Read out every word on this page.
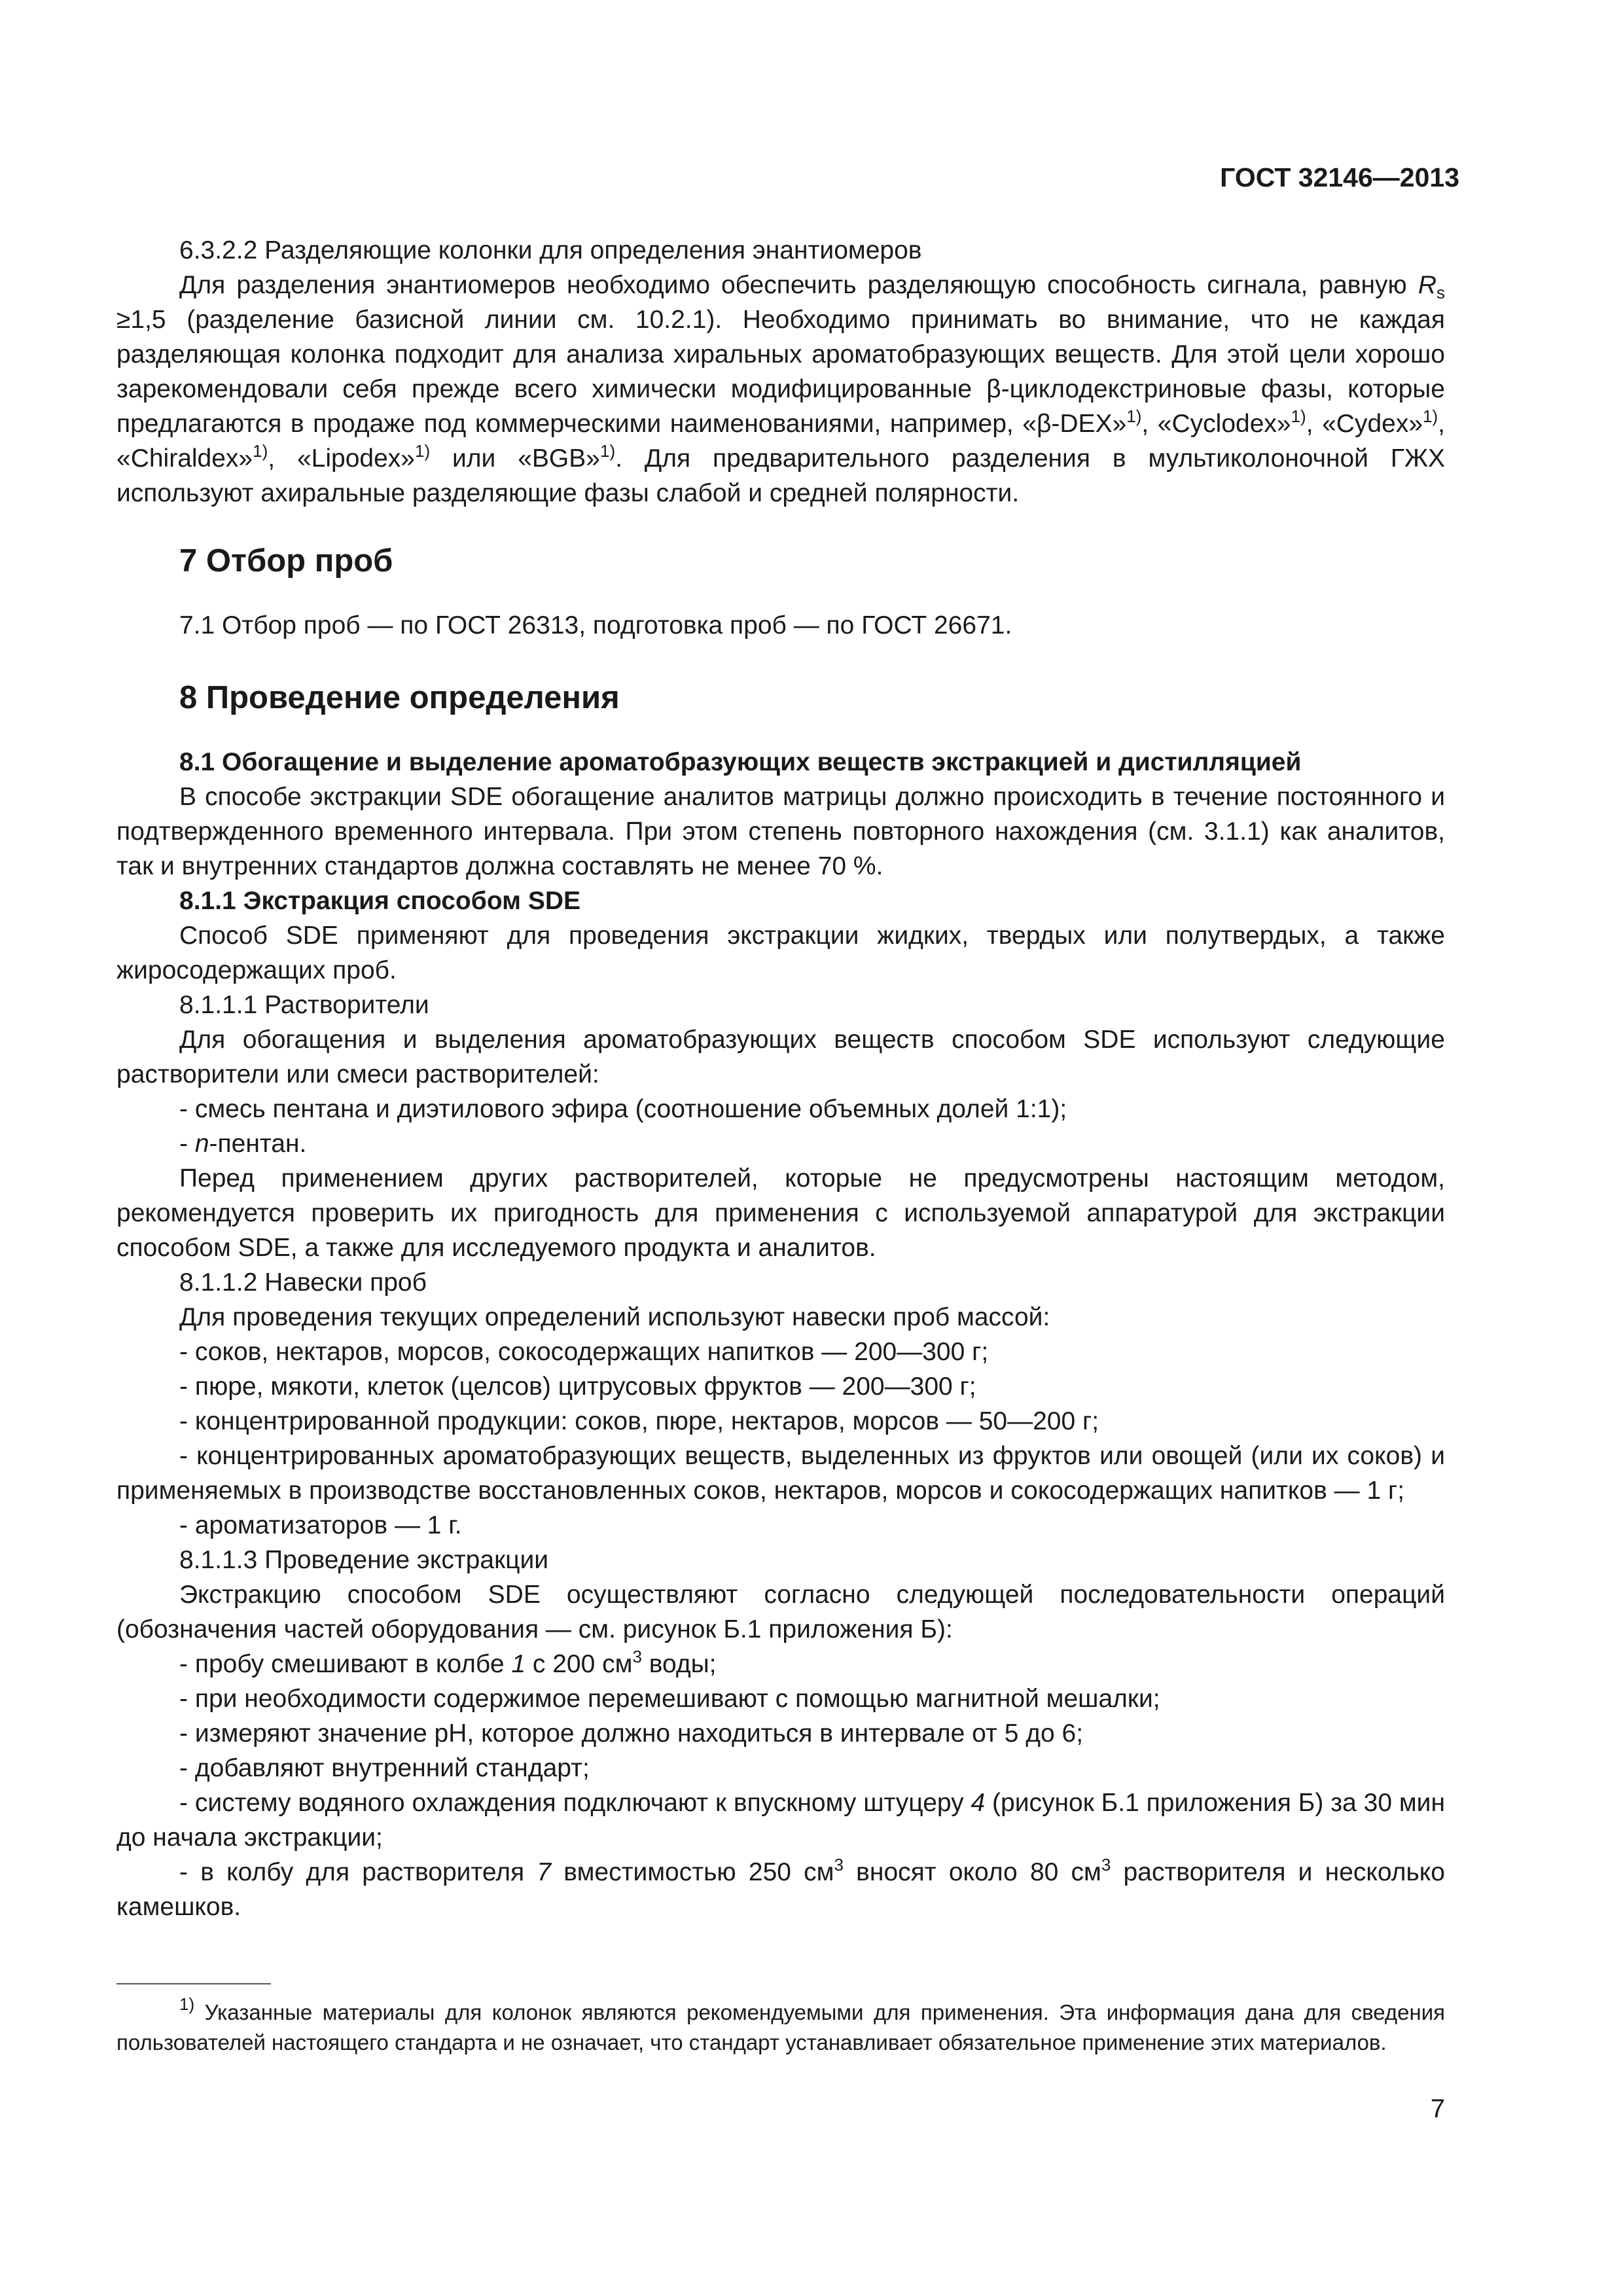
ГОСТ 32146—2013

6.3.2.2 Разделяющие колонки для определения энантиомеров

Для разделения энантиомеров необходимо обеспечить разделяющую способность сигнала, равную $R_s \ge 1,5$ (разделение базисной линии см. 10.2.1). Необходимо принимать во внимание, что не каждая разделяющая колонка подходит для анализа хиральных ароматобразующих веществ. Для этой цели хорошо зарекомендовали себя прежде всего химически модифицированные β-циклодекстриновые фазы, которые предлагаются в продаже под коммерческими наименованиями, например, «β-DEX»$^{1)}$, «Cyclodex»$^{1)}$, «Cydex»$^{1)}$, «Chiraldex»$^{1)}$, «Lipodex»$^{1)}$ или «BGB»$^{1)}$. Для предварительного разделения в мультиколоночной ГЖХ используют ахиральные разделяющие фазы слабой и средней полярности.

7 Отбор проб

7.1 Отбор проб — по ГОСТ 26313, подготовка проб — по ГОСТ 26671.

8 Проведение определения

8.1 Обогащение и выделение ароматобразующих веществ экстракцией и дистилляцией

В способе экстракции SDE обогащение аналитов матрицы должно происходить в течение постоянного и подтвержденного временного интервала. При этом степень повторного нахождения (см. 3.1.1) как аналитов, так и внутренних стандартов должна составлять не менее 70 %.

8.1.1 Экстракция способом SDE

Способ SDE применяют для проведения экстракции жидких, твердых или полутвердых, а также жиросодержащих проб.

8.1.1.1 Растворители

Для обогащения и выделения ароматобразующих веществ способом SDE используют следующие растворители или смеси растворителей:

- смесь пентана и диэтилового эфира (соотношение объемных долей 1:1);

- n-пентан.

Перед применением других растворителей, которые не предусмотрены настоящим методом, рекомендуется проверить их пригодность для применения с используемой аппаратурой для экстракции способом SDE, а также для исследуемого продукта и аналитов.

8.1.1.2 Навески проб

Для проведения текущих определений используют навески проб массой:

- соков, нектаров, морсов, сокосодержащих напитков — 200—300 г;

- пюре, мякоти, клеток (целсов) цитрусовых фруктов — 200—300 г;

- концентрированной продукции: соков, пюре, нектаров, морсов — 50—200 г;

- концентрированных ароматобразующих веществ, выделенных из фруктов или овощей (или их соков) и применяемых в производстве восстановленных соков, нектаров, морсов и сокосодержащих напитков — 1 г;

- ароматизаторов — 1 г.

8.1.1.3 Проведение экстракции

Экстракцию способом SDE осуществляют согласно следующей последовательности операций (обозначения частей оборудования — см. рисунок Б.1 приложения Б):

- пробу смешивают в колбе 1 с 200 $см^3$ воды;

- при необходимости содержимое перемешивают с помощью магнитной мешалки;

- измеряют значение pH, которое должно находиться в интервале от 5 до 6;

- добавляют внутренний стандарт;

- систему водяного охлаждения подключают к впускному штуцеру 4 (рисунок Б.1 приложения Б) за 30 мин до начала экстракции;

- в колбу для растворителя 7 вместимостью 250 $см^3$ вносят около 80 $см^3$ растворителя и несколько камешков.

$^{1)}$ Указанные материалы для колонок являются рекомендуемыми для применения. Эта информация дана для сведения пользователей настоящего стандарта и не означает, что стандарт устанавливает обязательное применение этих материалов.

7
